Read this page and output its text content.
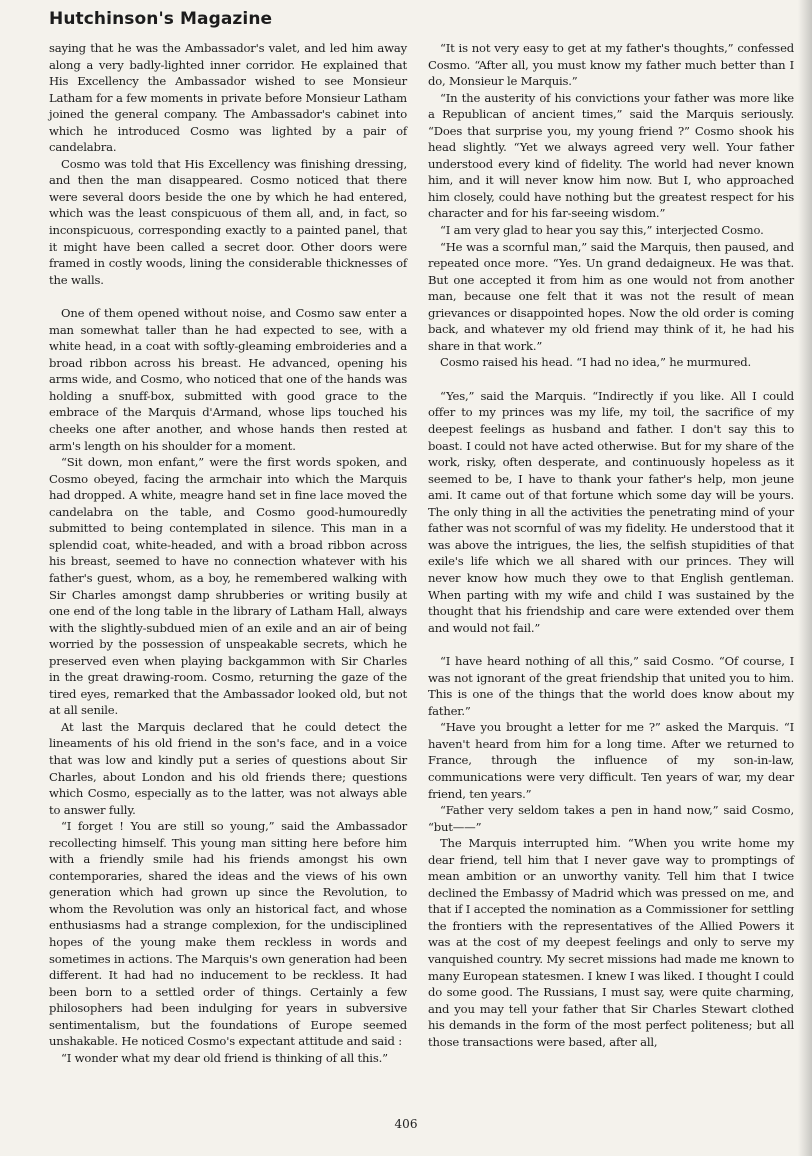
Hutchinson's Magazine

saying that he was the Ambassador's valet, and led him away along a very badly-lighted inner corridor. He explained that His Excellency the Ambassador wished to see Monsieur Latham for a few moments in private before Monsieur Latham joined the general company. The Ambassador's cabinet into which he introduced Cosmo was lighted by a pair of candelabra.

Cosmo was told that His Excellency was finishing dressing, and then the man disappeared. Cosmo noticed that there were several doors beside the one by which he had entered, which was the least conspicuous of them all, and, in fact, so inconspicuous, corresponding exactly to a painted panel, that it might have been called a secret door. Other doors were framed in costly woods, lining the considerable thicknesses of the walls.

One of them opened without noise, and Cosmo saw enter a man somewhat taller than he had expected to see, with a white head, in a coat with softly-gleaming embroideries and a broad ribbon across his breast. He advanced, opening his arms wide, and Cosmo, who noticed that one of the hands was holding a snuff-box, submitted with good grace to the embrace of the Marquis d'Armand, whose lips touched his cheeks one after another, and whose hands then rested at arm's length on his shoulder for a moment.

“Sit down, mon enfant,” were the first words spoken, and Cosmo obeyed, facing the armchair into which the Marquis had dropped. A white, meagre hand set in fine lace moved the candelabra on the table, and Cosmo good-humouredly submitted to being contemplated in silence. This man in a splendid coat, white-headed, and with a broad ribbon across his breast, seemed to have no connection whatever with his father's guest, whom, as a boy, he remembered walking with Sir Charles amongst damp shrubberies or writing busily at one end of the long table in the library of Latham Hall, always with the slightly-subdued mien of an exile and an air of being worried by the possession of unspeakable secrets, which he preserved even when playing backgammon with Sir Charles in the great drawing-room. Cosmo, returning the gaze of the tired eyes, remarked that the Ambassador looked old, but not at all senile.

At last the Marquis declared that he could detect the lineaments of his old friend in the son's face, and in a voice that was low and kindly put a series of questions about Sir Charles, about London and his old friends there; questions which Cosmo, especially as to the latter, was not always able to answer fully.

“I forget ! You are still so young,” said the Ambassador recollecting himself. This young man sitting here before him with a friendly smile had his friends amongst his own contemporaries, shared the ideas and the views of his own generation which had grown up since the Revolution, to whom the Revolution was only an historical fact, and whose enthusiasms had a strange complexion, for the undisciplined hopes of the young make them reckless in words and sometimes in actions. The Marquis's own generation had been different. It had had no inducement to be reckless. It had been born to a settled order of things. Certainly a few philosophers had been indulging for years in subversive sentimentalism, but the foundations of Europe seemed unshakable. He noticed Cosmo's expectant attitude and said :

“I wonder what my dear old friend is thinking of all this.”

“It is not very easy to get at my father's thoughts,” confessed Cosmo. “After all, you must know my father much better than I do, Monsieur le Marquis.”

“In the austerity of his convictions your father was more like a Republican of ancient times,” said the Marquis seriously. “Does that surprise you, my young friend ?” Cosmo shook his head slightly. “Yet we always agreed very well. Your father understood every kind of fidelity. The world had never known him, and it will never know him now. But I, who approached him closely, could have nothing but the greatest respect for his character and for his far-seeing wisdom.”

“I am very glad to hear you say this,” interjected Cosmo.

“He was a scornful man,” said the Marquis, then paused, and repeated once more. “Yes. Un grand dedaigneux. He was that. But one accepted it from him as one would not from another man, because one felt that it was not the result of mean grievances or disappointed hopes. Now the old order is coming back, and whatever my old friend may think of it, he had his share in that work.”

Cosmo raised his head. “I had no idea,” he murmured.

“Yes,” said the Marquis. “Indirectly if you like. All I could offer to my princes was my life, my toil, the sacrifice of my deepest feelings as husband and father. I don't say this to boast. I could not have acted otherwise. But for my share of the work, risky, often desperate, and continuously hopeless as it seemed to be, I have to thank your father's help, mon jeune ami. It came out of that fortune which some day will be yours. The only thing in all the activities the penetrating mind of your father was not scornful of was my fidelity. He understood that it was above the intrigues, the lies, the selfish stupidities of that exile's life which we all shared with our princes. They will never know how much they owe to that English gentleman. When parting with my wife and child I was sustained by the thought that his friendship and care were extended over them and would not fail.”

“I have heard nothing of all this,” said Cosmo. “Of course, I was not ignorant of the great friendship that united you to him. This is one of the things that the world does know about my father.”

“Have you brought a letter for me ?” asked the Marquis. “I haven't heard from him for a long time. After we returned to France, through the influence of my son-in-law, communications were very difficult. Ten years of war, my dear friend, ten years.”

“Father very seldom takes a pen in hand now,” said Cosmo, “but——”

The Marquis interrupted him. “When you write home my dear friend, tell him that I never gave way to promptings of mean ambition or an unworthy vanity. Tell him that I twice declined the Embassy of Madrid which was pressed on me, and that if I accepted the nomination as a Commissioner for settling the frontiers with the representatives of the Allied Powers it was at the cost of my deepest feelings and only to serve my vanquished country. My secret missions had made me known to many European statesmen. I knew I was liked. I thought I could do some good. The Russians, I must say, were quite charming, and you may tell your father that Sir Charles Stewart clothed his demands in the form of the most perfect politeness; but all those transactions were based, after all,

406
